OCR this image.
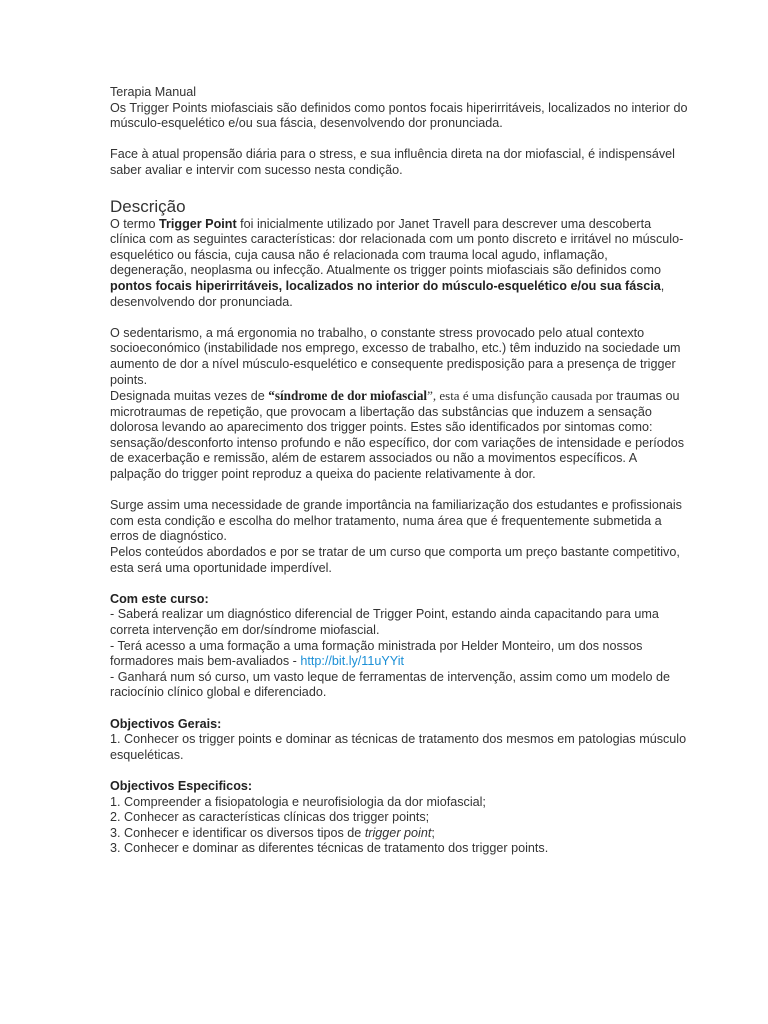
Terapia Manual

Os Trigger Points miofasciais são definidos como pontos focais hiperirritáveis, localizados no interior do músculo-esquelético e/ou sua fáscia, desenvolvendo dor pronunciada.

Face à atual propensão diária para o stress, e sua influência direta na dor miofascial, é indispensável saber avaliar e intervir com sucesso nesta condição.

Descrição

O termo Trigger Point foi inicialmente utilizado por Janet Travell para descrever uma descoberta clínica com as seguintes características: dor relacionada com um ponto discreto e irritável no músculo-esquelético ou fáscia, cuja causa não é relacionada com trauma local agudo, inflamação, degeneração, neoplasma ou infecção. Atualmente os trigger points miofasciais são definidos como pontos focais hiperirritáveis, localizados no interior do músculo-esquelético e/ou sua fáscia, desenvolvendo dor pronunciada.

O sedentarismo, a má ergonomia no trabalho, o constante stress provocado pelo atual contexto socioeconómico (instabilidade nos emprego, excesso de trabalho, etc.) têm induzido na sociedade um aumento de dor a nível músculo-esquelético e consequente predisposição para a presença de trigger points.

Designada muitas vezes de “síndrome de dor miofascial”, esta é uma disfunção causada por traumas ou microtraumas de repetição, que provocam a libertação das substâncias que induzem a sensação dolorosa levando ao aparecimento dos trigger points. Estes são identificados por sintomas como: sensação/desconforto intenso profundo e não específico, dor com variações de intensidade e períodos de exacerbação e remissão, além de estarem associados ou não a movimentos específicos. A palpação do trigger point reproduz a queixa do paciente relativamente à dor.

Surge assim uma necessidade de grande importância na familiarização dos estudantes e profissionais com esta condição e escolha do melhor tratamento, numa área que é frequentemente submetida a erros de diagnóstico.

Pelos conteúdos abordados e por se tratar de um curso que comporta um preço bastante competitivo, esta será uma oportunidade imperdível.

Com este curso:

- Saberá realizar um diagnóstico diferencial de Trigger Point, estando ainda capacitando para uma correta intervenção em dor/síndrome miofascial.

- Terá acesso a uma formação a uma formação ministrada por Helder Monteiro, um dos nossos formadores mais bem-avaliados - http://bit.ly/11uYYit

- Ganhará num só curso, um vasto leque de ferramentas de intervenção, assim como um modelo de raciocínio clínico global e diferenciado.

Objectivos Gerais:

1. Conhecer os trigger points e dominar as técnicas de tratamento dos mesmos em patologias músculo esqueléticas.

Objectivos Especificos:

1. Compreender a fisiopatologia e neurofisiologia da dor miofascial;

2. Conhecer as características clínicas dos trigger points;

3. Conhecer e identificar os diversos tipos de trigger point;

3. Conhecer e dominar as diferentes técnicas de tratamento dos trigger points.
